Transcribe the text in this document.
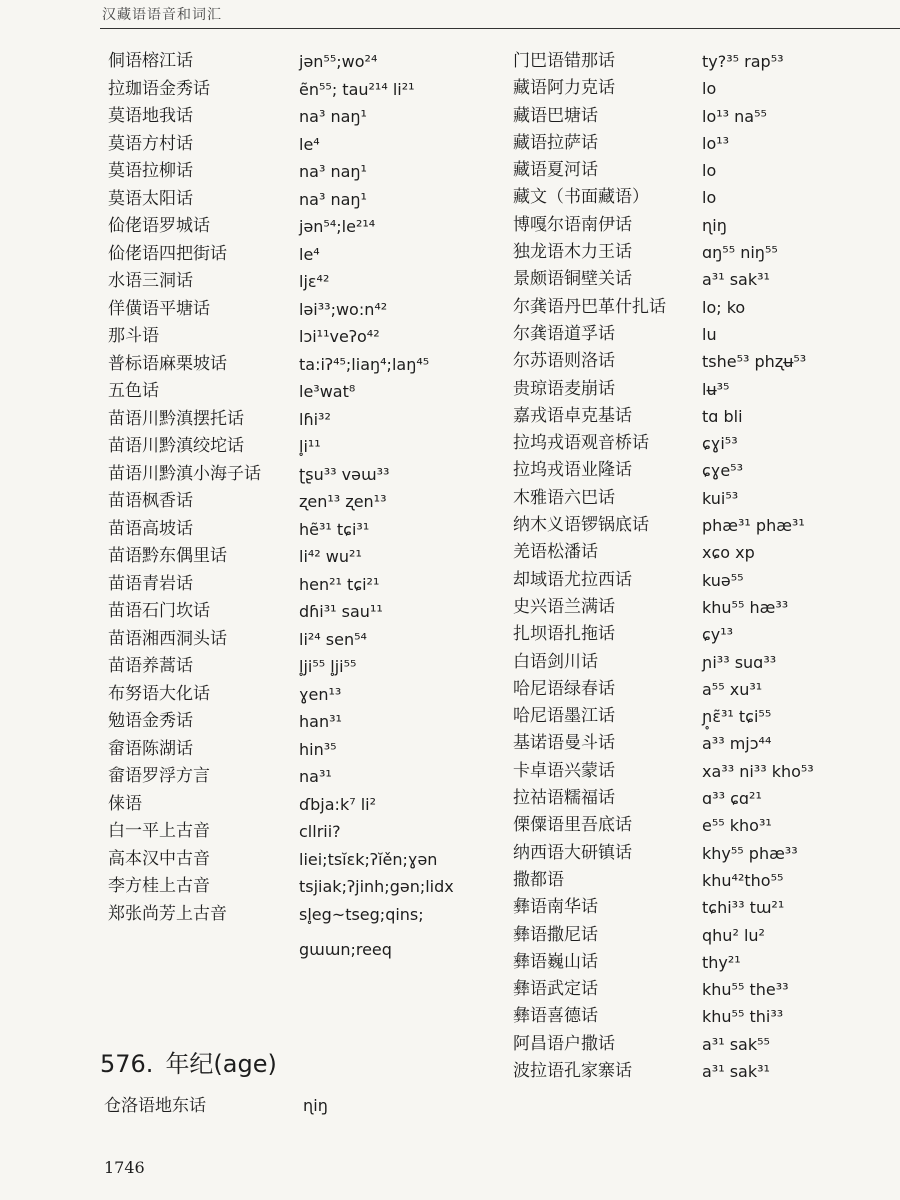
汉藏语语音和词汇
侗语榕江话	jən⁵⁵;wo²⁴
拉珈语金秀话	ẽn⁵⁵; tau²¹⁴ li²¹
莫语地我话	na³ naŋ¹
莫语方村话	le⁴
莫语拉柳话	na³ naŋ¹
莫语太阳话	na³ naŋ¹
佡佬语罗城话	jən⁵⁴;le²¹⁴
佡佬语四把街话	le⁴
水语三洞话	ljɛ⁴²
佯僙语平塘话	ləi³³;wo:n⁴²
那斗语	lɔi¹¹veʔo⁴²
普标语麻栗坡话	ta:iʔ⁴⁵;liaŋ⁴;laŋ⁴⁵
五色话	le³wat⁸
苗语川黔滇摆托话	lɦi³²
苗语川黔滇绞坨话	l̥i¹¹
苗语川黔滇小海子话 ʈʂu³³ vəɯ³³
苗语枫香话	ʐen¹³ ʐen¹³
苗语高坡话	hẽ³¹ tɕi³¹
苗语黔东偶里话	li⁴² wu²¹
苗语青岩话	hen²¹ tɕi²¹
苗语石门坎话	dɦi³¹ sau¹¹
苗语湘西洞头话	li²⁴ sen⁵⁴
苗语养蒿话	l̥ji⁵⁵ l̥ji⁵⁵
布努语大化话	ɣen¹³
勉语金秀话	han³¹
畲语陈湖话	hin³⁵
畲语罗浮方言	na³¹
俫语	ɗbja:k⁷ li²
白一平上古音	cllrii?
高本汉中古音	liei;tsĭɛk;ʔĭěn;ɣən
李方桂上古音	tsjiak;ʔjinh;gən;lidx
郑张尚芳上古音	sl̥eg~tseg;qins;
gɯɯn;reeq
门巴语错那话	ty?³⁵ rap⁵³
藏语阿力克话	lo
藏语巴塘话	lo¹³ na⁵⁵
藏语拉萨话	lo¹³
藏语夏河话	lo
藏文（书面藏语）	lo
博嘎尔语南伊话	ɳiŋ
独龙语木力王话	ɑŋ⁵⁵ niŋ⁵⁵
景颇语铜壁关话	a³¹ sak³¹
尔龚语丹巴革什扎话 lo; ko
尔龚语道孚话	lu
尔苏语则洛话	tshe⁵³ phʐʉ⁵³
贵琼语麦崩话	lʉ³⁵
嘉戎语卓克基话	tɑ bli
拉坞戎语观音桥话	ɕɣi⁵³
拉坞戎语业隆话	ɕɣe⁵³
木雅语六巴话	kui⁵³
纳木义语锣锅底话	phæ³¹ phæ³¹
羌语松潘话	xɕo xp
却域语尤拉西话	kuə⁵⁵
史兴语兰满话	khu⁵⁵ hæ³³
扎坝语扎拖话	ɕy¹³
白语剑川话	ɲi³³ suɑ³³
哈尼语绿春话	a⁵⁵ xu³¹
哈尼语墨江话	ɲ̥ɛ̃³¹ tɕi⁵⁵
基诺语曼斗话	a³³ mjɔ⁴⁴
卡卓语兴蒙话	xa³³ ni³³ kho⁵³
拉祜语糯福话	ɑ³³ ɕɑ²¹
傈僳语里吾底话	e⁵⁵ kho³¹
纳西语大研镇话	khy⁵⁵ phæ³³
撒都语	khu⁴²tho⁵⁵
彝语南华话	tɕhi³³ tɯ²¹
彝语撒尼话	qhu² lu²
彝语巍山话	thy²¹
彝语武定话	khu⁵⁵ the³³
彝语喜德话	khu⁵⁵ thi³³
阿昌语户撒话	a³¹ sak⁵⁵
波拉语孔家寨话	a³¹ sak³¹
576. 年纪(age)
仓洛语地东话	ɳiŋ
1746
